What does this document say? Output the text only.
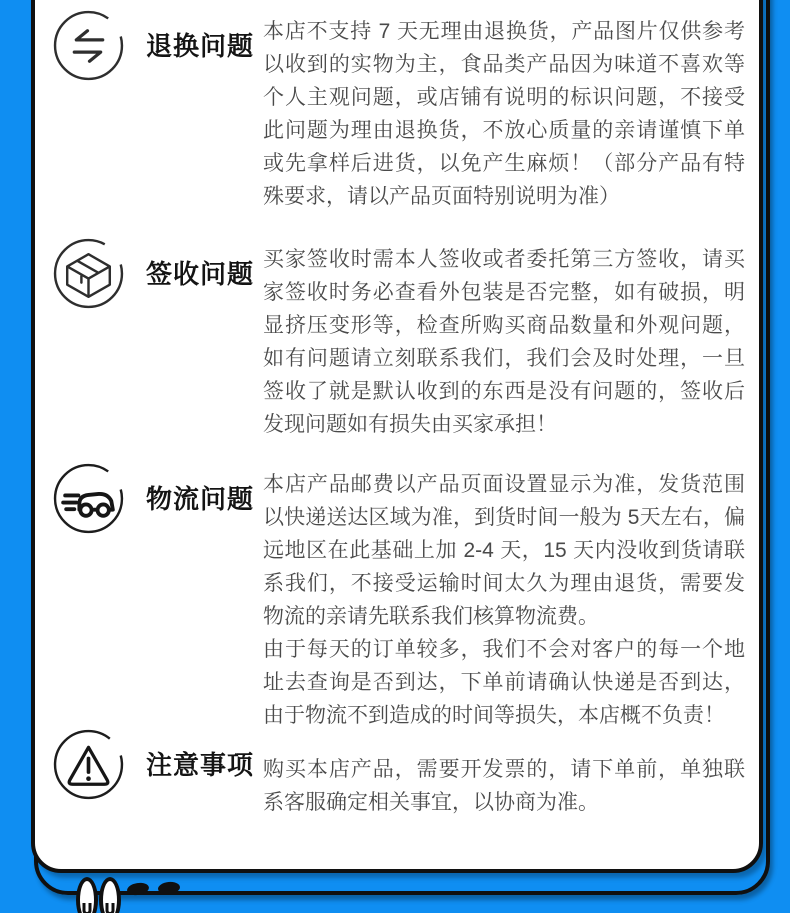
退换问题 本店不支持 7 天无理由退换货，产品图片仅供参考以收到的实物为主，食品类产品因为味道不喜欢等个人主观问题，或店铺有说明的标识问题，不接受此问题为理由退换货，不放心质量的亲请谨慎下单或先拿样后进货，以免产生麻烦！（部分产品有特殊要求，请以产品页面特别说明为准）

签收问题 买家签收时需本人签收或者委托第三方签收，请买家签收时务必查看外包装是否完整，如有破损，明显挤压变形等，检查所购买商品数量和外观问题，如有问题请立刻联系我们，我们会及时处理，一旦签收了就是默认收到的东西是没有问题的，签收后发现问题如有损失由买家承担！

物流问题 本店产品邮费以产品页面设置显示为准，发货范围以快递送达区域为准，到货时间一般为 5天左右，偏远地区在此基础上加 2-4 天，15 天内没收到货请联系我们，不接受运输时间太久为理由退货，需要发物流的亲请先联系我们核算物流费。

由于每天的订单较多，我们不会对客户的每一个地址去查询是否到达，下单前请确认快递是否到达，由于物流不到造成的时间等损失，本店概不负责！

注意事项 购买本店产品，需要开发票的，请下单前，单独联系客服确定相关事宜，以协商为准。
